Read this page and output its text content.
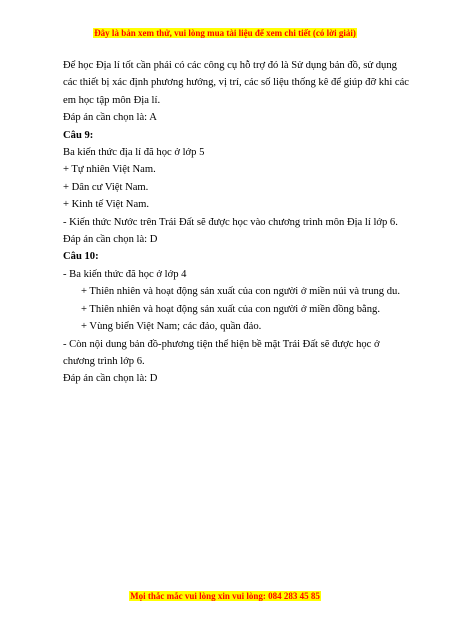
Đây là bản xem thử, vui lòng mua tài liệu để xem chi tiết (có lời giải)

Để học Địa lí tốt cần phải có các công cụ hỗ trợ đó là Sử dụng bản đồ, sử dụng các thiết bị xác định phương hướng, vị trí, các số liệu thống kê để giúp đỡ khi các em học tập môn Địa lí.

Đáp án cần chọn là: A

Câu 9:

Ba kiến thức địa lí đã học ở lớp 5

+ Tự nhiên Việt Nam.

+ Dân cư Việt Nam.

+ Kinh tế Việt Nam.

- Kiến thức Nước trên Trái Đất sẽ được học vào chương trình môn Địa lí lớp 6.

Đáp án cần chọn là: D

Câu 10:

- Ba kiến thức đã học ở lớp 4

+ Thiên nhiên và hoạt động sản xuất của con người ở miền núi và trung du.

+ Thiên nhiên và hoạt động sản xuất của con người ở miền đồng bằng.

+ Vùng biển Việt Nam; các đảo, quần đảo.

- Còn nội dung bản đồ-phương tiện thể hiện bề mặt Trái Đất sẽ được học ở chương trình lớp 6.

Đáp án cần chọn là: D

Mọi thắc mắc vui lòng xin vui lòng: 084 283 45 85
